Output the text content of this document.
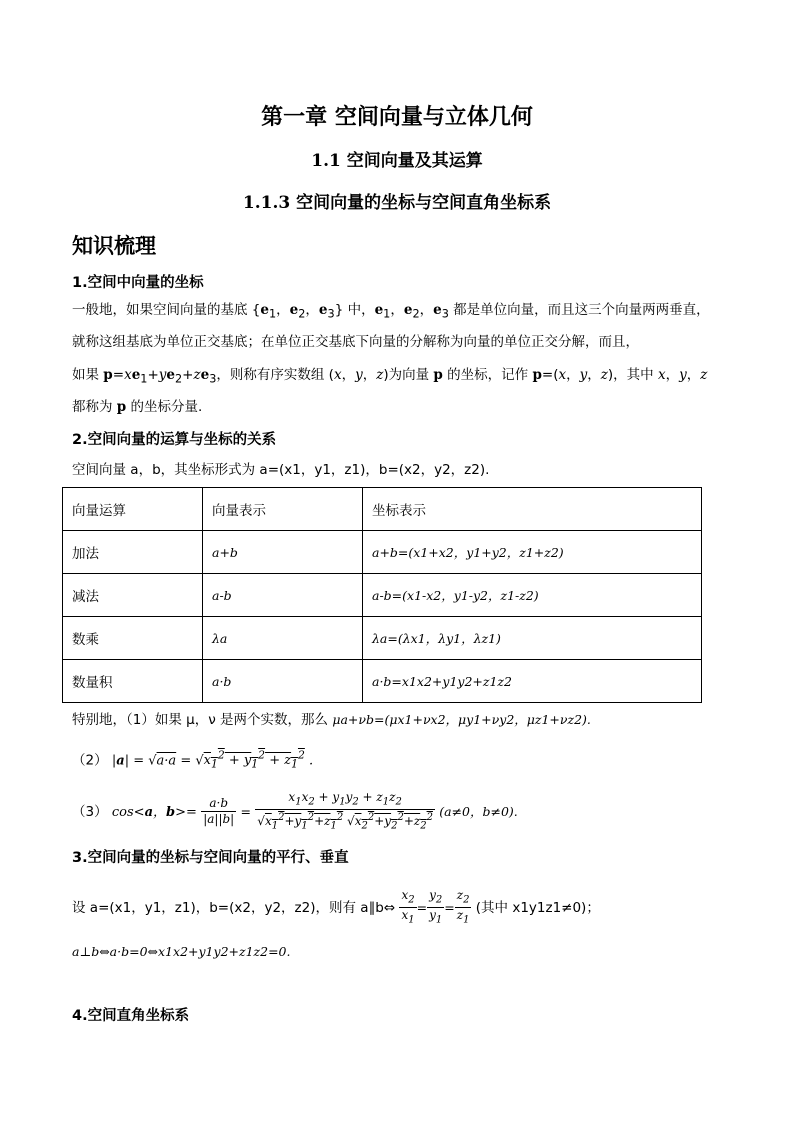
第一章 空间向量与立体几何
1.1 空间向量及其运算
1.1.3 空间向量的坐标与空间直角坐标系
知识梳理
1.空间中向量的坐标
一般地，如果空间向量的基底 {$e_1$，$e_2$，$e_3$} 中，$e_1$，$e_2$，$e_3$ 都是单位向量，而且这三个向量两两垂直，
就称这组基底为单位正交基底；在单位正交基底下向量的分解称为向量的单位正交分解，而且，
如果 $p=xe_1+ye_2+ze_3$，则称有序实数组 (x，y，z)为向量 p 的坐标，记作 p=(x，y，z)，其中 x，y，z
都称为 p 的坐标分量.
2.空间向量的运算与坐标的关系
空间向量 a，b，其坐标形式为 a=(x1，y1，z1)，b=(x2，y2，z2).
向量运算	向量表示	坐标表示
加法	a+b	a+b=(x1+x2，y1+y2，z1+z2)
减法	a-b	a-b=(x1-x2，y1-y2，z1-z2)
数乘	λa	λa=(λx1，λy1，λz1)
数量积	a·b	a·b=x1x2+y1y2+z1z2
特别地，（1）如果 μ，ν 是两个实数，那么 μa+νb=(μx1+νx2，μy1+νy2，μz1+νz2).
（2） $|a| = √a\cdot a = √x_1^2 + y_1^2 + z_1^2$ .
（3） cos<a，$b>= \frac{a\cdot b}{|a||b|} = \frac{x_1x_2 + y_1y_2 + z_1z_2}{√x_1^2+y_1^2+z_1^2 √x_2^2+y_2^2+z_2^2} (a\ne 0$，b≠0).
3.空间向量的坐标与空间向量的平行、垂直
设 a=(x1，y1，z1)，b=(x2，y2，z2)，则有 a∥b⇔ $\frac{x_2}{x_1} = \frac{y_2}{y_1} = \frac{z_2}{z_1}$ (其中 x1y1z1≠0)；
a⊥b⇔a·b=0⇔x1x2+y1y2+z1z2=0.
4.空间直角坐标系
